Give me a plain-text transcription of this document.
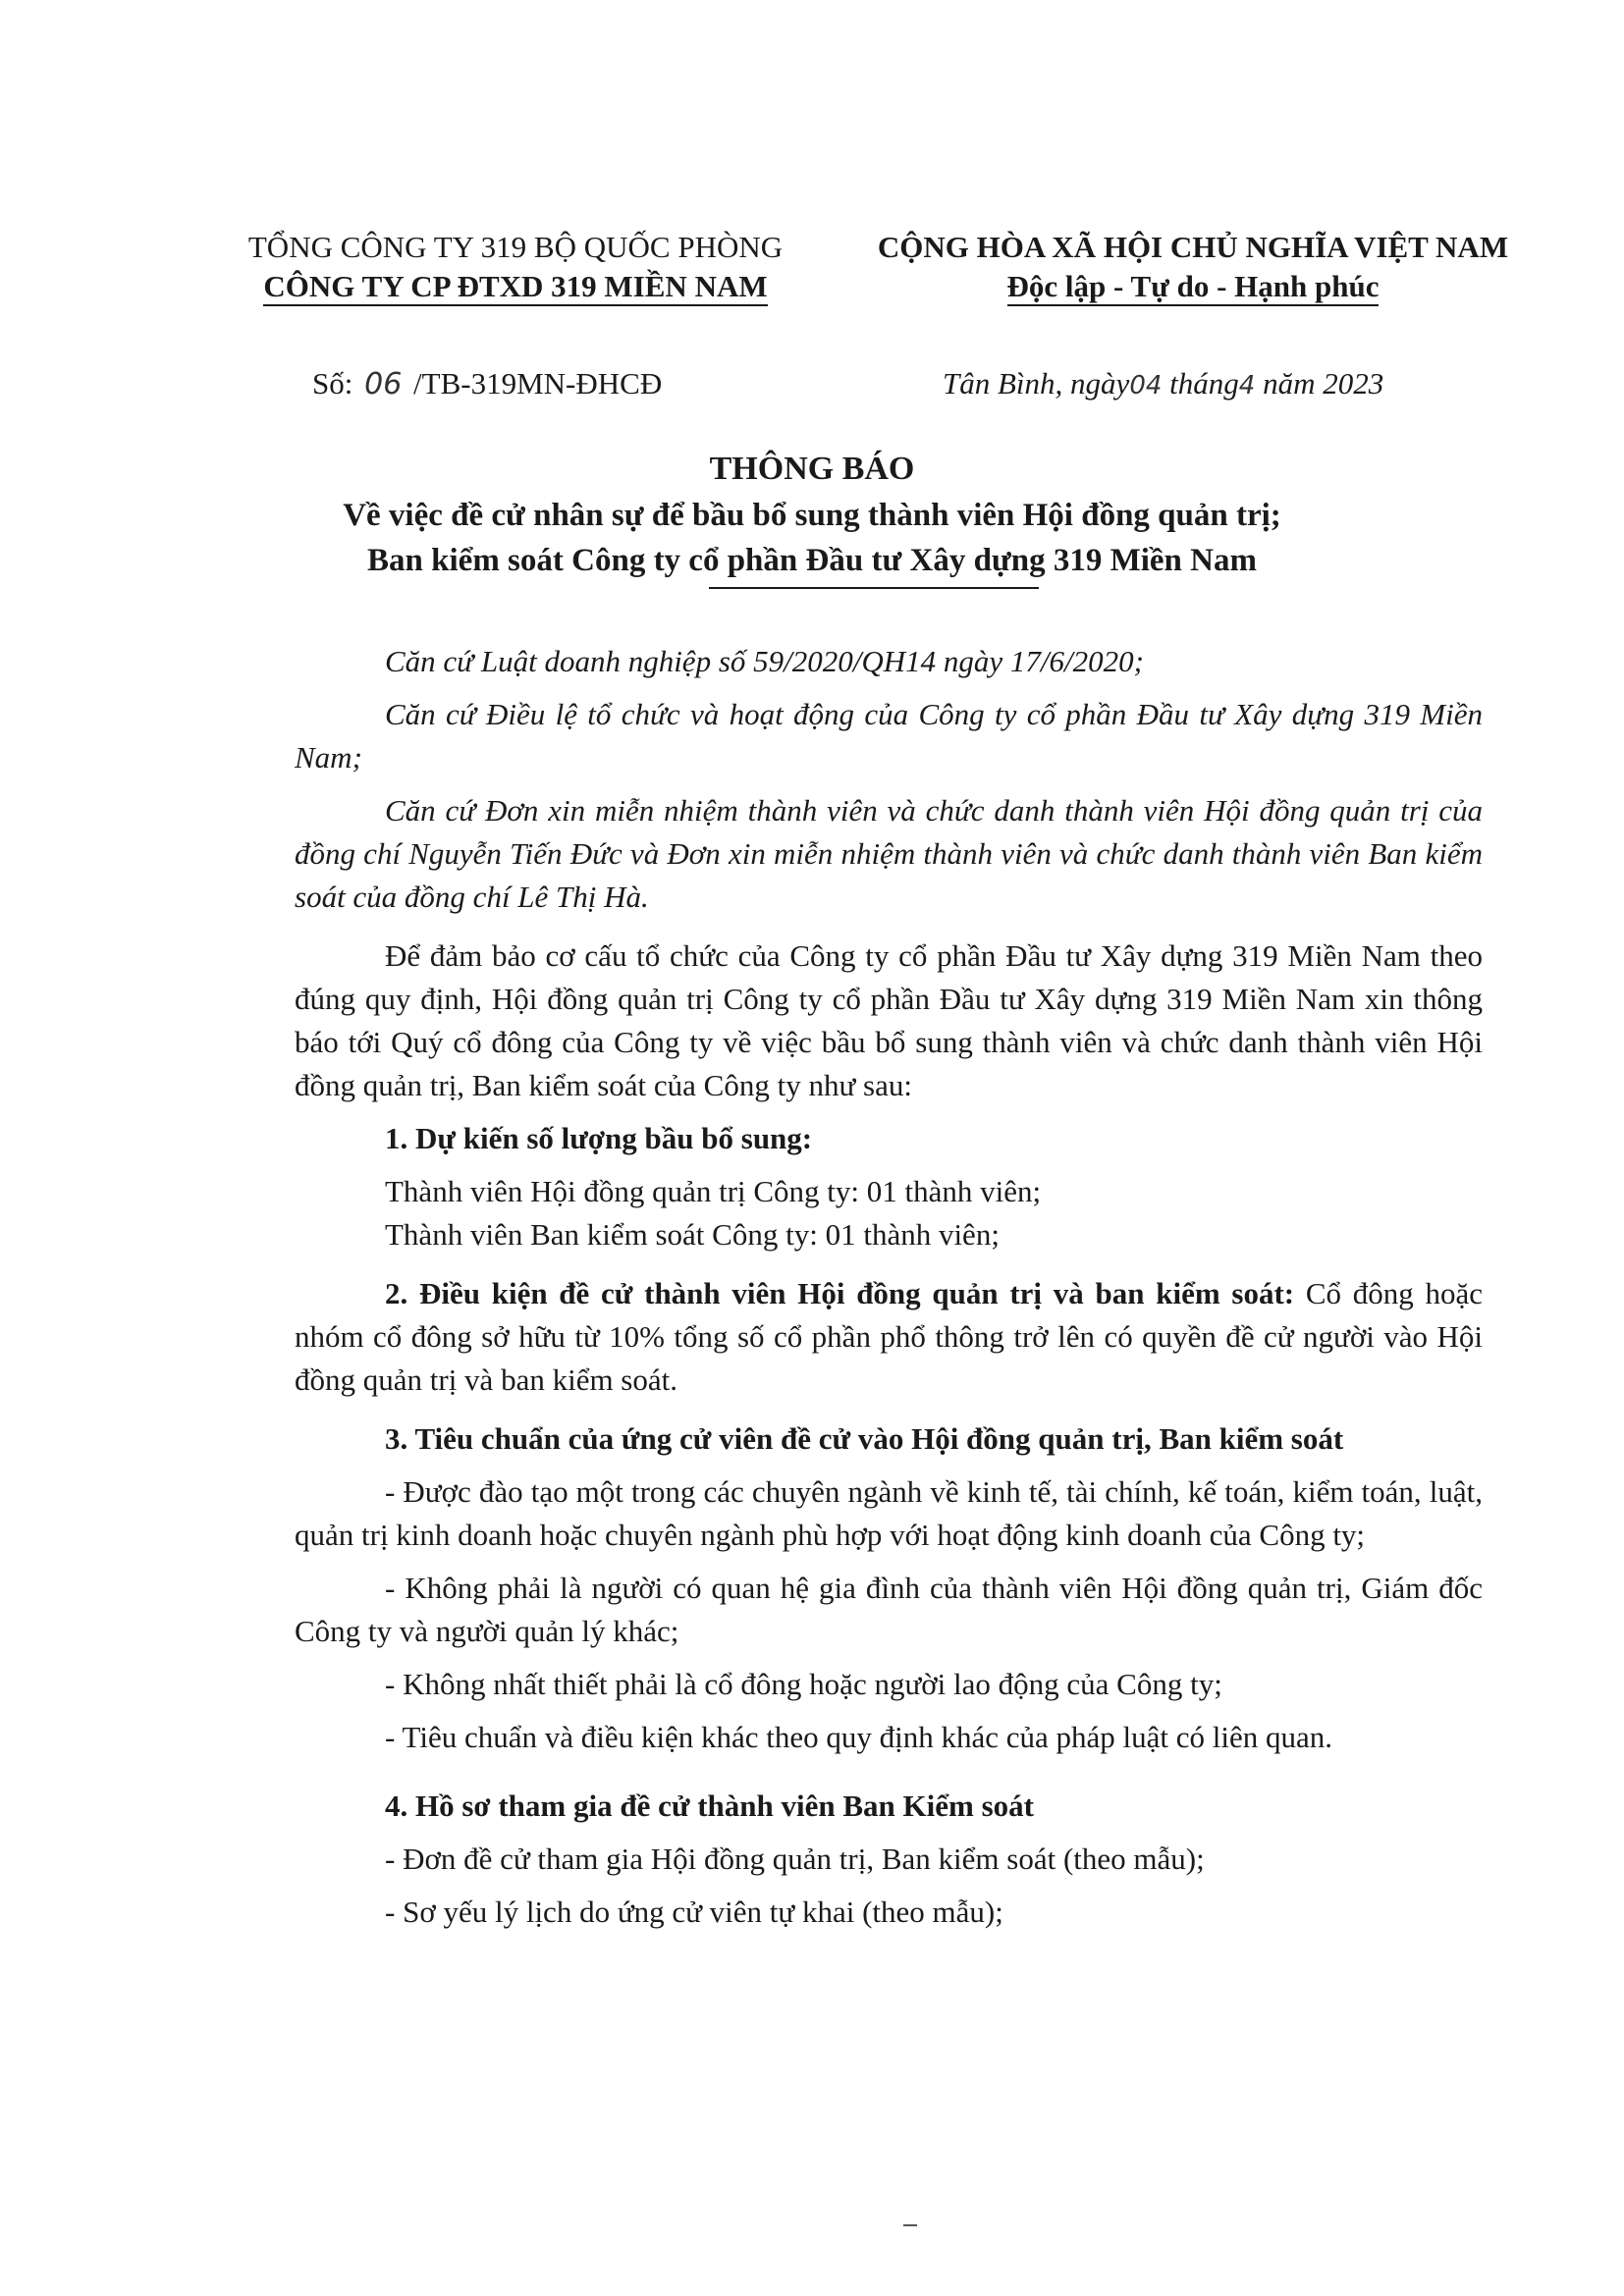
TỔNG CÔNG TY 319 BỘ QUỐC PHÒNG
CÔNG TY CP ĐTXD 319 MIỀN NAM
CỘNG HÒA XÃ HỘI CHỦ NGHĨA VIỆT NAM
Độc lập - Tự do - Hạnh phúc
Số: 06 /TB-319MN-ĐHCĐ	Tân Bình, ngày04 tháng4 năm 2023
THÔNG BÁO
Về việc đề cử nhân sự để bầu bổ sung thành viên Hội đồng quản trị;
Ban kiểm soát Công ty cổ phần Đầu tư Xây dựng 319 Miền Nam

Căn cứ Luật doanh nghiệp số 59/2020/QH14 ngày 17/6/2020;

Căn cứ Điều lệ tổ chức và hoạt động của Công ty cổ phần Đầu tư Xây dựng 319 Miền Nam;

Căn cứ Đơn xin miễn nhiệm thành viên và chức danh thành viên Hội đồng quản trị của đồng chí Nguyễn Tiến Đức và Đơn xin miễn nhiệm thành viên và chức danh thành viên Ban kiểm soát của đồng chí Lê Thị Hà.

Để đảm bảo cơ cấu tổ chức của Công ty cổ phần Đầu tư Xây dựng 319 Miền Nam theo đúng quy định, Hội đồng quản trị Công ty cổ phần Đầu tư Xây dựng 319 Miền Nam xin thông báo tới Quý cổ đông của Công ty về việc bầu bổ sung thành viên và chức danh thành viên Hội đồng quản trị, Ban kiểm soát của Công ty như sau:

1. Dự kiến số lượng bầu bổ sung:

Thành viên Hội đồng quản trị Công ty: 01 thành viên;

Thành viên Ban kiểm soát Công ty: 01 thành viên;

2. Điều kiện đề cử thành viên Hội đồng quản trị và ban kiểm soát: Cổ đông hoặc nhóm cổ đông sở hữu từ 10% tổng số cổ phần phổ thông trở lên có quyền đề cử người vào Hội đồng quản trị và ban kiểm soát.

3. Tiêu chuẩn của ứng cử viên đề cử vào Hội đồng quản trị, Ban kiểm soát

- Được đào tạo một trong các chuyên ngành về kinh tế, tài chính, kế toán, kiểm toán, luật, quản trị kinh doanh hoặc chuyên ngành phù hợp với hoạt động kinh doanh của Công ty;

- Không phải là người có quan hệ gia đình của thành viên Hội đồng quản trị, Giám đốc Công ty và người quản lý khác;

- Không nhất thiết phải là cổ đông hoặc người lao động của Công ty;

- Tiêu chuẩn và điều kiện khác theo quy định khác của pháp luật có liên quan.

4. Hồ sơ tham gia đề cử thành viên Ban Kiểm soát

- Đơn đề cử tham gia Hội đồng quản trị, Ban kiểm soát (theo mẫu);

- Sơ yếu lý lịch do ứng cử viên tự khai (theo mẫu);
